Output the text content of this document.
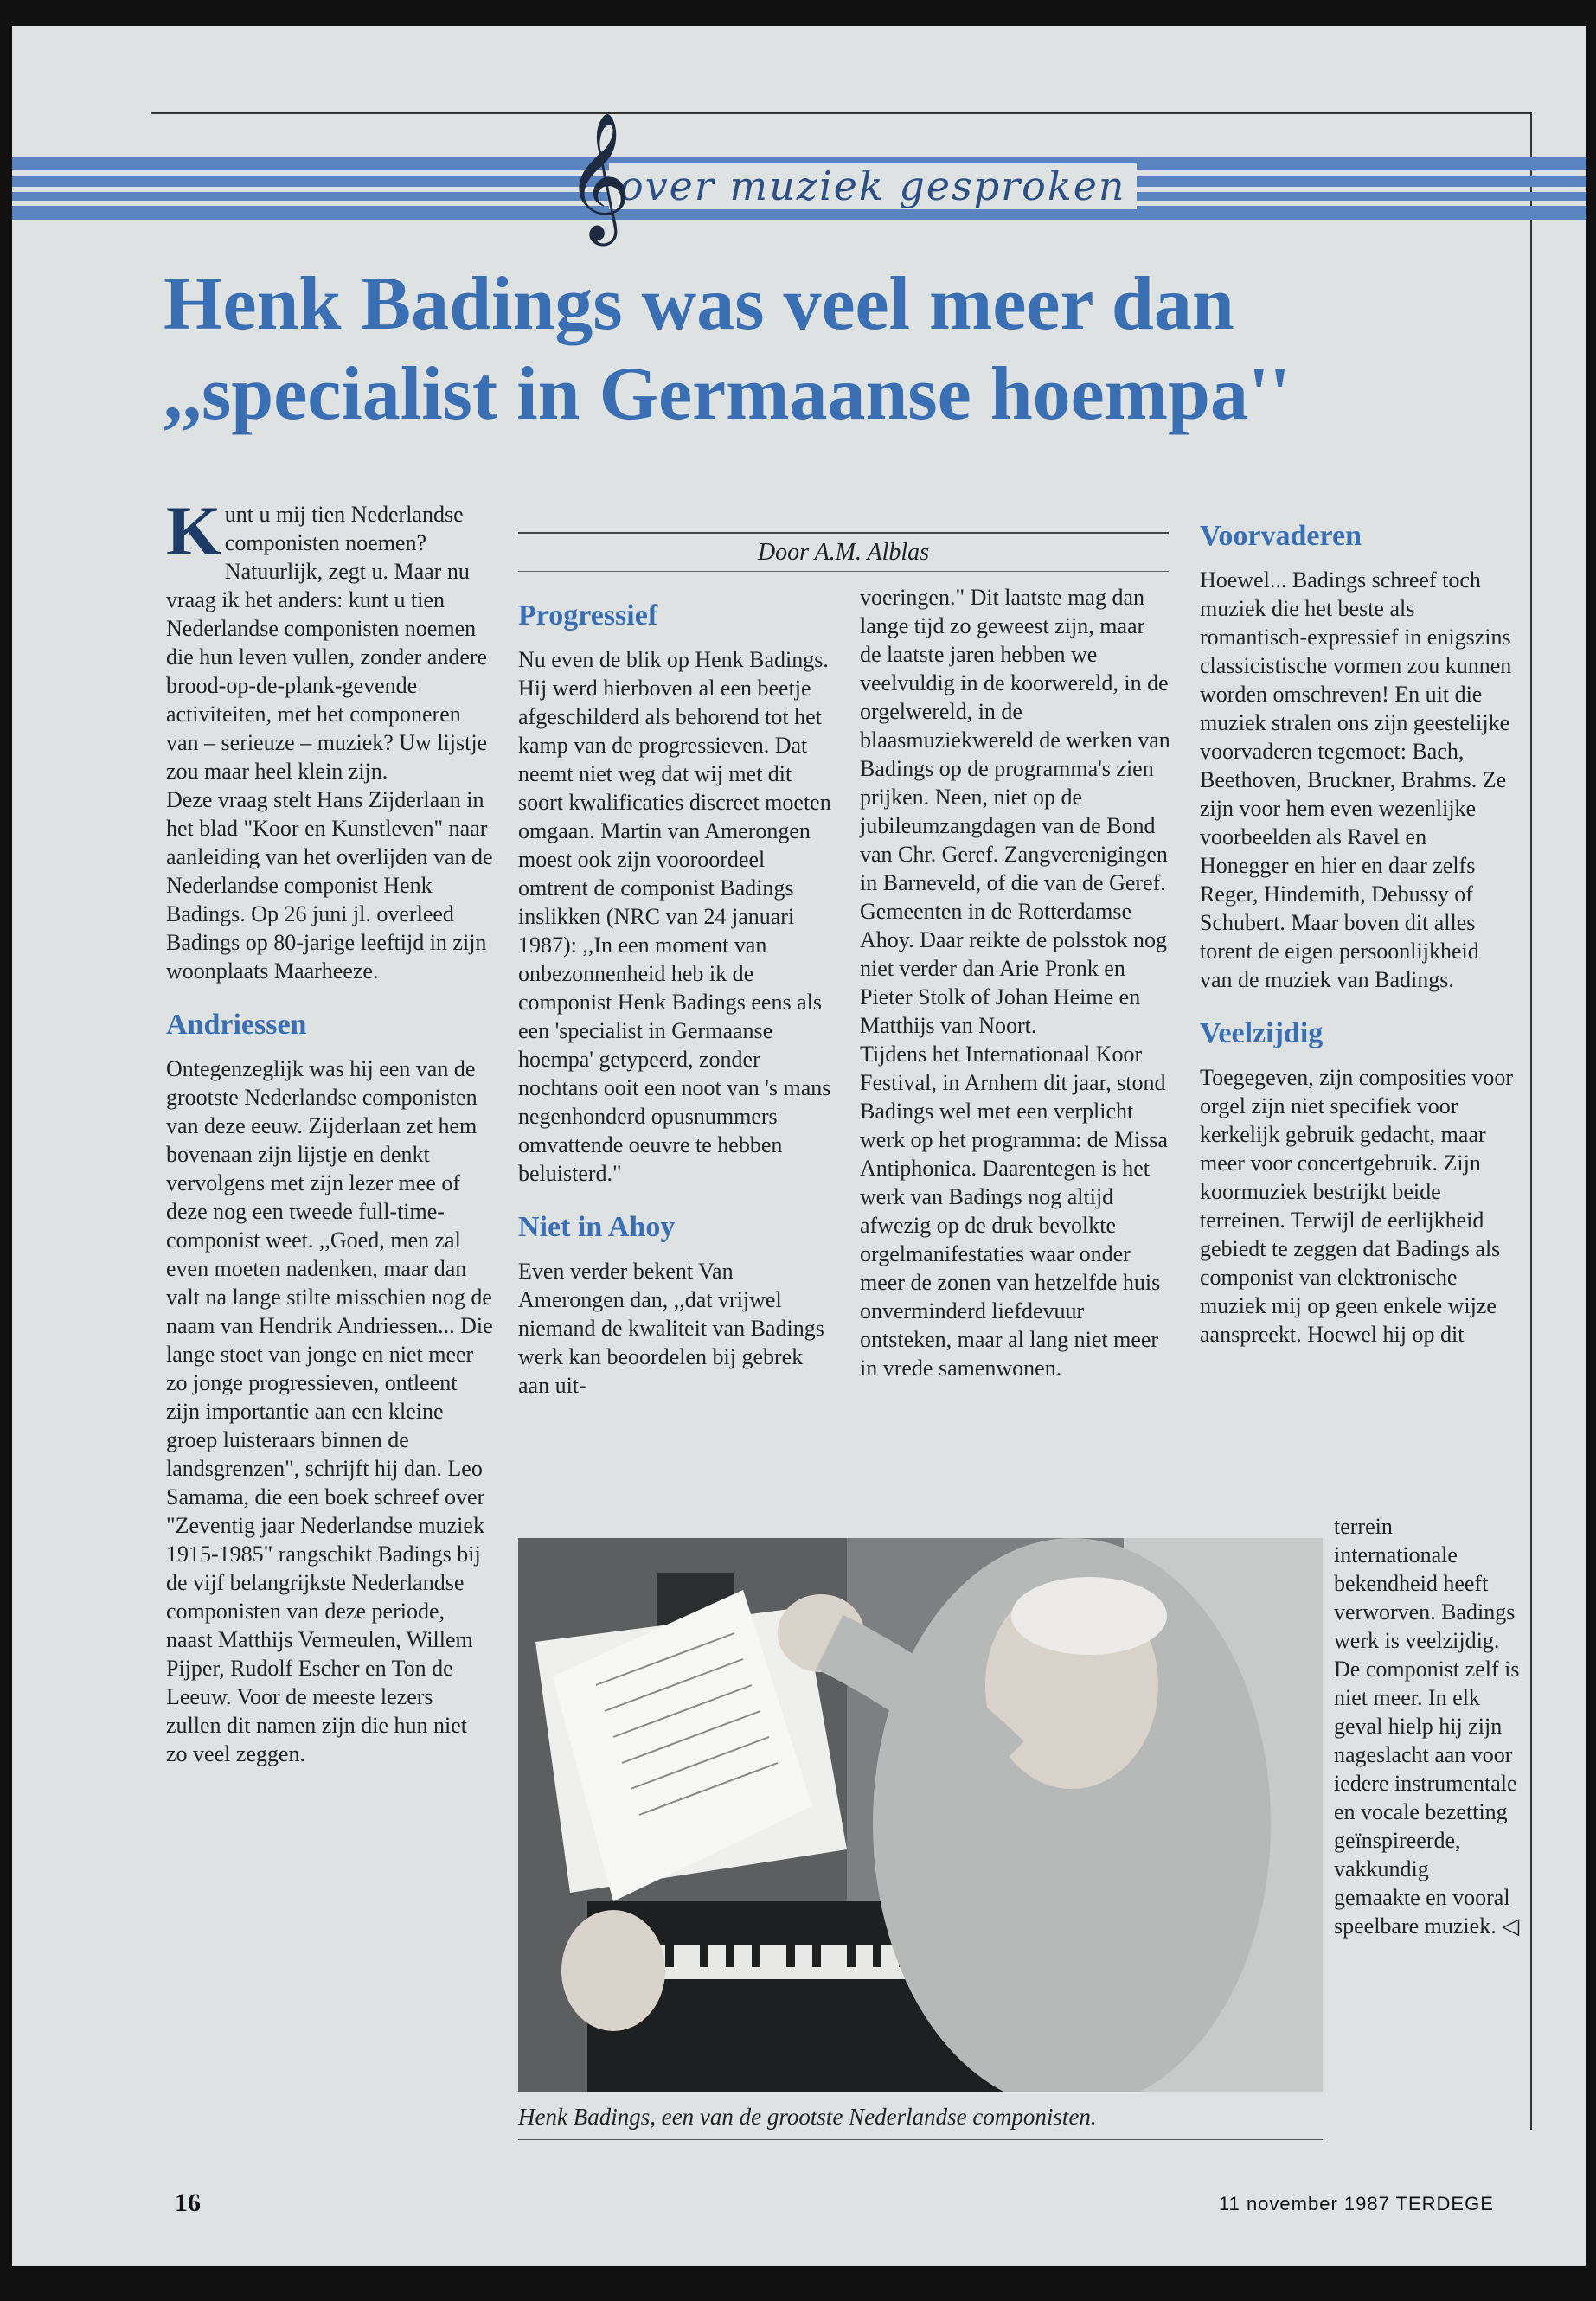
over muziek gesproken
𝄞
Henk Badings was veel meer dan
,,specialist in Germaanse hoempa''

Kunt u mij tien Nederlandse componisten noemen? Natuurlijk, zegt u. Maar nu vraag ik het anders: kunt u tien Nederlandse componisten noemen die hun leven vullen, zonder andere brood-op-de-plank-gevende activiteiten, met het componeren van – serieuze – muziek? Uw lijstje zou maar heel klein zijn.

Deze vraag stelt Hans Zijderlaan in het blad "Koor en Kunstleven" naar aanleiding van het overlijden van de Nederlandse componist Henk Badings. Op 26 juni jl. overleed Badings op 80-jarige leeftijd in zijn woonplaats Maarheeze.

Andriessen

Ontegenzeglijk was hij een van de grootste Nederlandse componisten van deze eeuw. Zijderlaan zet hem bovenaan zijn lijstje en denkt vervolgens met zijn lezer mee of deze nog een tweede full-time-componist weet. ,,Goed, men zal even moeten nadenken, maar dan valt na lange stilte misschien nog de naam van Hendrik Andriessen... Die lange stoet van jonge en niet meer zo jonge progressieven, ontleent zijn importantie aan een kleine groep luisteraars binnen de landsgrenzen", schrijft hij dan. Leo Samama, die een boek schreef over "Zeventig jaar Nederlandse muziek 1915-1985" rangschikt Badings bij de vijf belangrijkste Nederlandse componisten van deze periode, naast Matthijs Vermeulen, Willem Pijper, Rudolf Escher en Ton de Leeuw. Voor de meeste lezers zullen dit namen zijn die hun niet zo veel zeggen.

Door A.M. Alblas
Progressief

Nu even de blik op Henk Badings. Hij werd hierboven al een beetje afgeschilderd als behorend tot het kamp van de progressieven. Dat neemt niet weg dat wij met dit soort kwalificaties discreet moeten omgaan. Martin van Amerongen moest ook zijn vooroordeel omtrent de componist Badings inslikken (NRC van 24 januari 1987): ,,In een moment van onbezonnenheid heb ik de componist Henk Badings eens als een 'specialist in Germaanse hoempa' getypeerd, zonder nochtans ooit een noot van 's mans negenhonderd opusnummers omvattende oeuvre te hebben beluisterd."

Niet in Ahoy

Even verder bekent Van Amerongen dan, ,,dat vrijwel niemand de kwaliteit van Badings werk kan beoordelen bij gebrek aan uit-

voeringen." Dit laatste mag dan lange tijd zo geweest zijn, maar de laatste jaren hebben we veelvuldig in de koorwereld, in de orgelwereld, in de blaasmuziekwereld de werken van Badings op de programma's zien prijken. Neen, niet op de jubileumzangdagen van de Bond van Chr. Geref. Zangverenigingen in Barneveld, of die van de Geref. Gemeenten in de Rotterdamse Ahoy. Daar reikte de polsstok nog niet verder dan Arie Pronk en Pieter Stolk of Johan Heime en Matthijs van Noort.

Tijdens het Internationaal Koor Festival, in Arnhem dit jaar, stond Badings wel met een verplicht werk op het programma: de Missa Antiphonica. Daarentegen is het werk van Badings nog altijd afwezig op de druk bevolkte orgelmanifestaties waar onder meer de zonen van hetzelfde huis onverminderd liefdevuur ontsteken, maar al lang niet meer in vrede samenwonen.

Voorvaderen

Hoewel... Badings schreef toch muziek die het beste als romantisch-expressief in enigszins classicistische vormen zou kunnen worden omschreven! En uit die muziek stralen ons zijn geestelijke voorvaderen tegemoet: Bach, Beethoven, Bruckner, Brahms. Ze zijn voor hem even wezenlijke voorbeelden als Ravel en Honegger en hier en daar zelfs Reger, Hindemith, Debussy of Schubert. Maar boven dit alles torent de eigen persoonlijkheid van de muziek van Badings.

Veelzijdig

Toegegeven, zijn composities voor orgel zijn niet specifiek voor kerkelijk gebruik gedacht, maar meer voor concertgebruik. Zijn koormuziek bestrijkt beide terreinen. Terwijl de eerlijkheid gebiedt te zeggen dat Badings als componist van elektronische muziek mij op geen enkele wijze aanspreekt. Hoewel hij op dit

terrein internationale bekendheid heeft verworven. Badings werk is veelzijdig. De componist zelf is niet meer. In elk geval hielp hij zijn nageslacht aan voor iedere instrumentale en vocale bezetting geïnspireerde, vakkundig gemaakte en vooral speelbare muziek. ◁

Henk Badings, een van de grootste Nederlandse componisten.
16	11 november 1987 TERDEGE
